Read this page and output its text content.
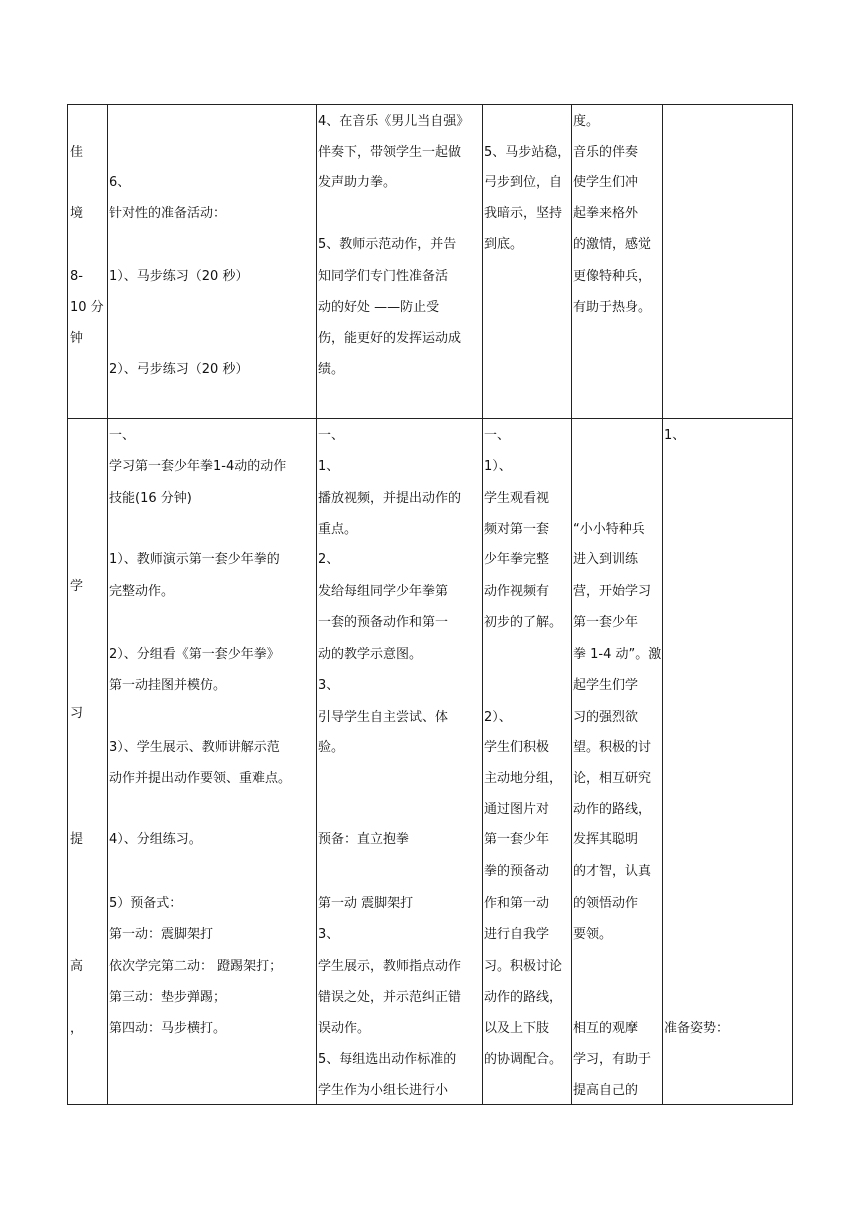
佳
境
8-
10 分
钟
6、
针对性的准备活动：
1）、马步练习（20 秒）
2）、弓步练习（20 秒）
4、在音乐《男儿当自强》
伴奏下，带领学生一起做
发声助力拳。
5、教师示范动作，并告
知同学们专门性准备活
动的好处 ——防止受
伤，能更好的发挥运动成
绩。
5、马步站稳，
弓步到位，自
我暗示，坚持
到底。
度。
音乐的伴奏
使学生们冲
起拳来格外
的激情，感觉
更像特种兵，
有助于热身。
学
习
提
高
，
一、
学习第一套少年拳1-4动的动作
技能(16 分钟)
1）、教师演示第一套少年拳的
完整动作。
2）、分组看《第一套少年拳》
第一动挂图并模仿。
3）、学生展示、教师讲解示范
动作并提出动作要领、重难点。
4）、分组练习。
5）预备式：
第一动：震脚架打
依次学完第二动： 蹬踢架打；
第三动：垫步弹踢；
第四动：马步横打。
一、
1、
播放视频，并提出动作的
重点。
2、
发给每组同学少年拳第
一套的预备动作和第一
动的教学示意图。
3、
引导学生自主尝试、体
验。
预备：直立抱拳
第一动 震脚架打
3、
学生展示，教师指点动作
错误之处，并示范纠正错
误动作。
5、每组选出动作标准的
学生作为小组长进行小
一、
1）、
学生观看视
频对第一套
少年拳完整
动作视频有
初步的了解。
2）、
学生们积极
主动地分组，
通过图片对
第一套少年
拳的预备动
作和第一动
进行自我学
习。积极讨论
动作的路线，
以及上下肢
的协调配合。
“小小特种兵
进入到训练
营，开始学习
第一套少年
拳 1-4 动”。激
起学生们学
习的强烈欲
望。积极的讨
论，相互研究
动作的路线，
发挥其聪明
的才智，认真
的领悟动作
要领。
相互的观摩
学习，有助于
提高自己的
1、
准备姿势：
